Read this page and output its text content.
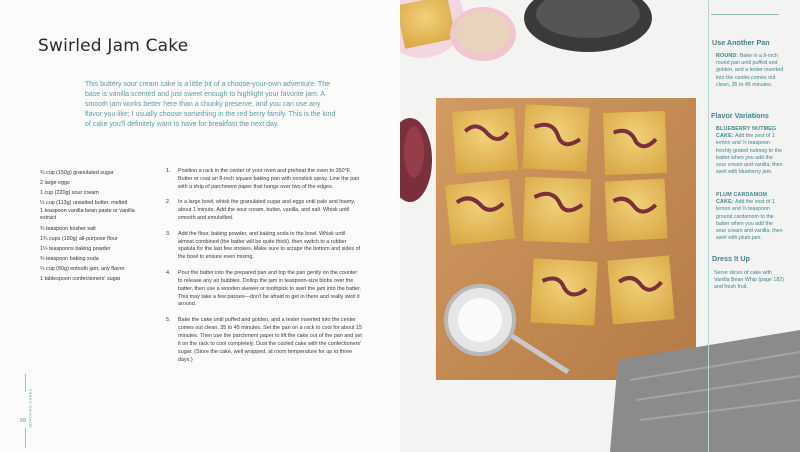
Swirled Jam Cake

This buttery sour cream cake is a little bit of a choose-your-own adventure. The base is vanilla scented and just sweet enough to highlight your favorite jam. A smooth jam works better here than a chunky preserve, and you can use any flavor you like; I usually choose something in the red berry family. This is the kind of cake you'll definitely want to have for breakfast the next day.

¾ cup (150g) granulated sugar
2 large eggs
1 cup (220g) sour cream
½ cup (113g) unsalted butter, melted
1 teaspoon vanilla bean paste or vanilla extract
¾ teaspoon kosher salt
1¾ cups (190g) all-purpose flour
1¼ teaspoons baking powder
¾ teaspoon baking soda
⅓ cup (80g) smooth jam, any flavor
1 tablespoon confectioners' sugar
1.	Position a rack in the center of your oven and preheat the oven to 350°F. Butter or coat an 8-inch square baking pan with nonstick spray. Line the pan with a strip of parchment paper that hangs over two of the edges.
2.	In a large bowl, whisk the granulated sugar and eggs until pale and foamy, about 1 minute. Add the sour cream, butter, vanilla, and salt. Whisk until smooth and emulsified.
3.	Add the flour, baking powder, and baking soda to the bowl. Whisk until almost combined (the batter will be quite thick), then switch to a rubber spatula for the last few strokes. Make sure to scrape the bottom and sides of the bowl to ensure even mixing.
4.	Pour the batter into the prepared pan and top the pan gently on the counter to release any air bubbles. Dollop the jam in teaspoon-size blobs over the batter, then use a wooden skewer or toothpick to swirl the jam into the batter. This may take a few passes—don't be afraid to get in there and really swirl it around.
5.	Bake the cake until puffed and golden, and a tester inserted into the center comes out clean, 35 to 45 minutes. Set the pan on a rack to cool for about 15 minutes. Then use the parchment paper to lift the cake out of the pan and set it on the rack to cool completely. Dust the cooled cake with the confectioners' sugar. (Store the cake, well wrapped, at room temperature for up to three days.)
SNACKING CAKES
68
Use Another Pan
ROUND: Bake in a 9-inch round pan until puffed and golden, and a tester inserted into the center comes out clean, 35 to 45 minutes.
Flavor Variations
BLUEBERRY NUTMEG CAKE: Add the zest of 1 lemon and ½ teaspoon freshly grated nutmeg to the batter when you add the sour cream and vanilla, then swirl with blueberry jam.
PLUM CARDAMOM CAKE: Add the zest of 1 lemon and ½ teaspoon ground cardamom to the batter when you add the sour cream and vanilla, then swirl with plum jam.
Dress It Up
Serve slices of cake with Vanilla Bean Whip (page 182) and fresh fruit.
